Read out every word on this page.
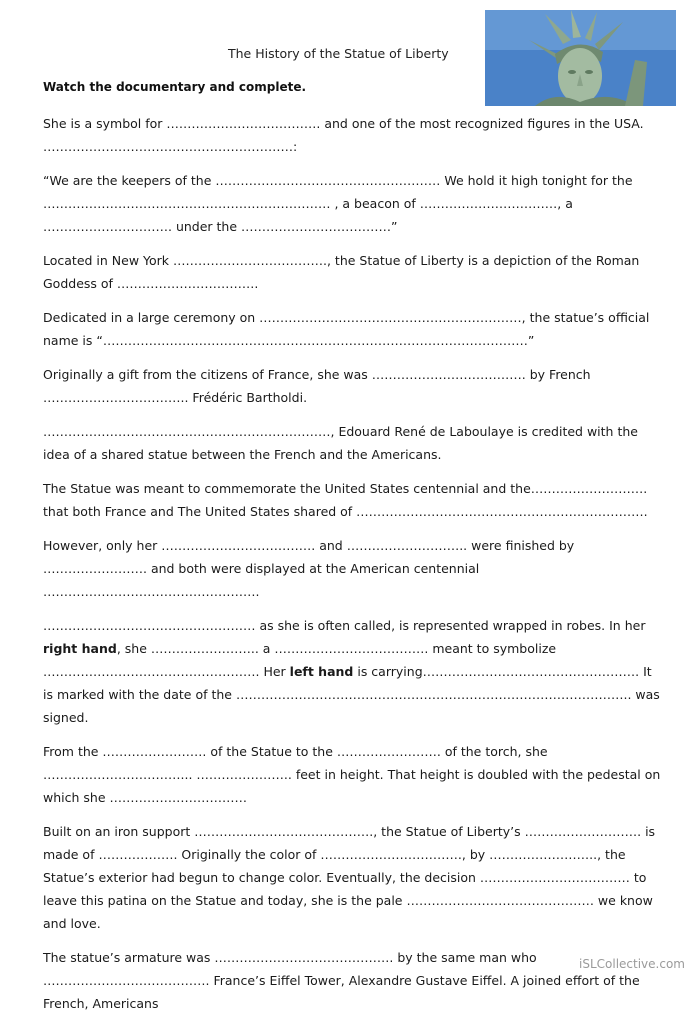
The History of the Statue of Liberty
Watch the documentary and complete.

She is a symbol for ………………………………. and one of the most recognized figures in the USA.
……………………………………………………:

“We are the keepers of the ……………………………………………… We hold it high tonight for the …………………………………………………………… , a beacon of ……………………………, a …………………………. under the ………………………………”

Located in New York ………………………………., the Statue of Liberty is a depiction of the Roman Goddess of …………………………….

Dedicated in a large ceremony on ………………………………………………………, the statue’s official name is “…………………………………………………………………………………………”

Originally a gift from the citizens of France, she was ………………………………. by French …………………………….. Frédéric Bartholdi.

……………………………………………………………, Edouard René de Laboulaye is credited with the idea of a shared statue between the French and the Americans.

The Statue was meant to commemorate the United States centennial and the………………………. that both France and The United States shared of …………………………………………………………….

However, only her ………………………………. and ……………………….. were finished by ……………………. and both were displayed at the American centennial …………………………………………….

…………………………………………… as she is often called, is represented wrapped in robes. In her right hand, she …………………….. a ………………………………. meant to symbolize ……………………………………………. Her left hand is carrying……………………………………………. It is marked with the date of the ………………………………………………………………………………….. was signed.

From the ……………………. of the Statue to the ……………………. of the torch, she ……………………………... ………………….. feet in height. That height is doubled with the pedestal on which she ……………………………

Built on an iron support ……………………………………., the Statue of Liberty’s ………………………. is made of ………………. Originally the color of ……………………………., by …………………….., the Statue’s exterior had begun to change color. Eventually, the decision ……………………………… to leave this patina on the Statue and today, she is the pale ……………………………………… we know and love.

The statue’s armature was ……………………………………. by the same man who …………………………………. France’s Eiffel Tower, Alexandre Gustave Eiffel. A joined effort of the French, Americans

iSLCollective.com
